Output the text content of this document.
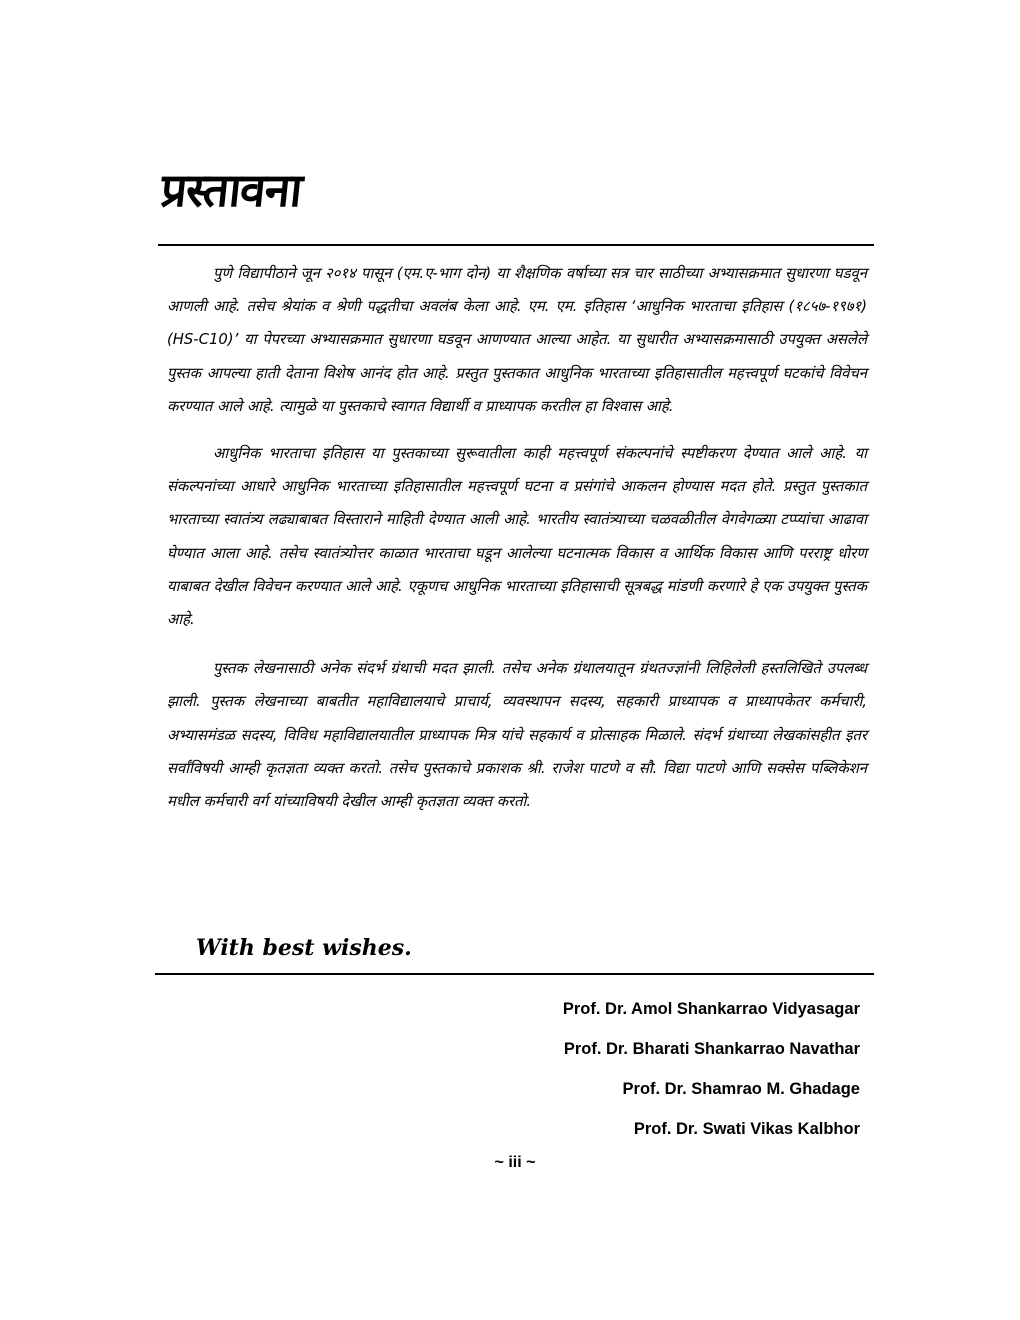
प्रस्तावना

पुणे विद्यापीठाने जून २०१४ पासून (एम.ए-भाग दोन) या शैक्षणिक वर्षाच्या सत्र चार साठीच्या अभ्यासक्रमात सुधारणा घडवून आणली आहे. तसेच श्रेयांक व श्रेणी पद्धतीचा अवलंब केला आहे. एम. एम. इतिहास ‘आधुनिक भारताचा इतिहास (१८५७-१९७१) (HS-C10)’ या पेपरच्या अभ्यासक्रमात सुधारणा घडवून आणण्यात आल्या आहेत. या सुधारीत अभ्यासक्रमासाठी उपयुक्त असलेले पुस्तक आपल्या हाती देताना विशेष आनंद होत आहे. प्रस्तुत पुस्तकात आधुनिक भारताच्या इतिहासातील महत्त्वपूर्ण घटकांचे विवेचन करण्यात आले आहे. त्यामुळे या पुस्तकाचे स्वागत विद्यार्थी व प्राध्यापक करतील हा विश्वास आहे.

आधुनिक भारताचा इतिहास या पुस्तकाच्या सुरूवातीला काही महत्त्वपूर्ण संकल्पनांचे स्पष्टीकरण देण्यात आले आहे. या संकल्पनांच्या आधारे आधुनिक भारताच्या इतिहासातील महत्त्वपूर्ण घटना व प्रसंगांचे आकलन होण्यास मदत होते. प्रस्तुत पुस्तकात भारताच्या स्वातंत्र्य लढ्याबाबत विस्ताराने माहिती देण्यात आली आहे. भारतीय स्वातंत्र्याच्या चळवळीतील वेगवेगळ्या टप्प्यांचा आढावा घेण्यात आला आहे. तसेच स्वातंत्र्योत्तर काळात भारताचा घडून आलेल्या घटनात्मक विकास व आर्थिक विकास आणि परराष्ट्र धोरण याबाबत देखील विवेचन करण्यात आले आहे. एकूणच आधुनिक भारताच्या इतिहासाची सूत्रबद्ध मांडणी करणारे हे एक उपयुक्त पुस्तक आहे.

पुस्तक लेखनासाठी अनेक संदर्भ ग्रंथाची मदत झाली. तसेच अनेक ग्रंथालयातून ग्रंथतज्ज्ञांनी लिहिलेली हस्तलिखिते उपलब्ध झाली. पुस्तक लेखनाच्या बाबतीत महाविद्यालयाचे प्राचार्य, व्यवस्थापन सदस्य, सहकारी प्राध्यापक व प्राध्यापकेतर कर्मचारी, अभ्यासमंडळ सदस्य, विविध महाविद्यालयातील प्राध्यापक मित्र यांचे सहकार्य व प्रोत्साहक मिळाले. संदर्भ ग्रंथाच्या लेखकांसहीत इतर सर्वांविषयी आम्ही कृतज्ञता व्यक्त करतो. तसेच पुस्तकाचे प्रकाशक श्री. राजेश पाटणे व सौ. विद्या पाटणे आणि सक्सेस पब्लिकेशन मधील कर्मचारी वर्ग यांच्याविषयी देखील आम्ही कृतज्ञता व्यक्त करतो.

With best wishes.
Prof. Dr. Amol Shankarrao Vidyasagar
Prof. Dr. Bharati Shankarrao Navathar
Prof. Dr. Shamrao M. Ghadage
Prof. Dr. Swati Vikas Kalbhor
~ iii ~
